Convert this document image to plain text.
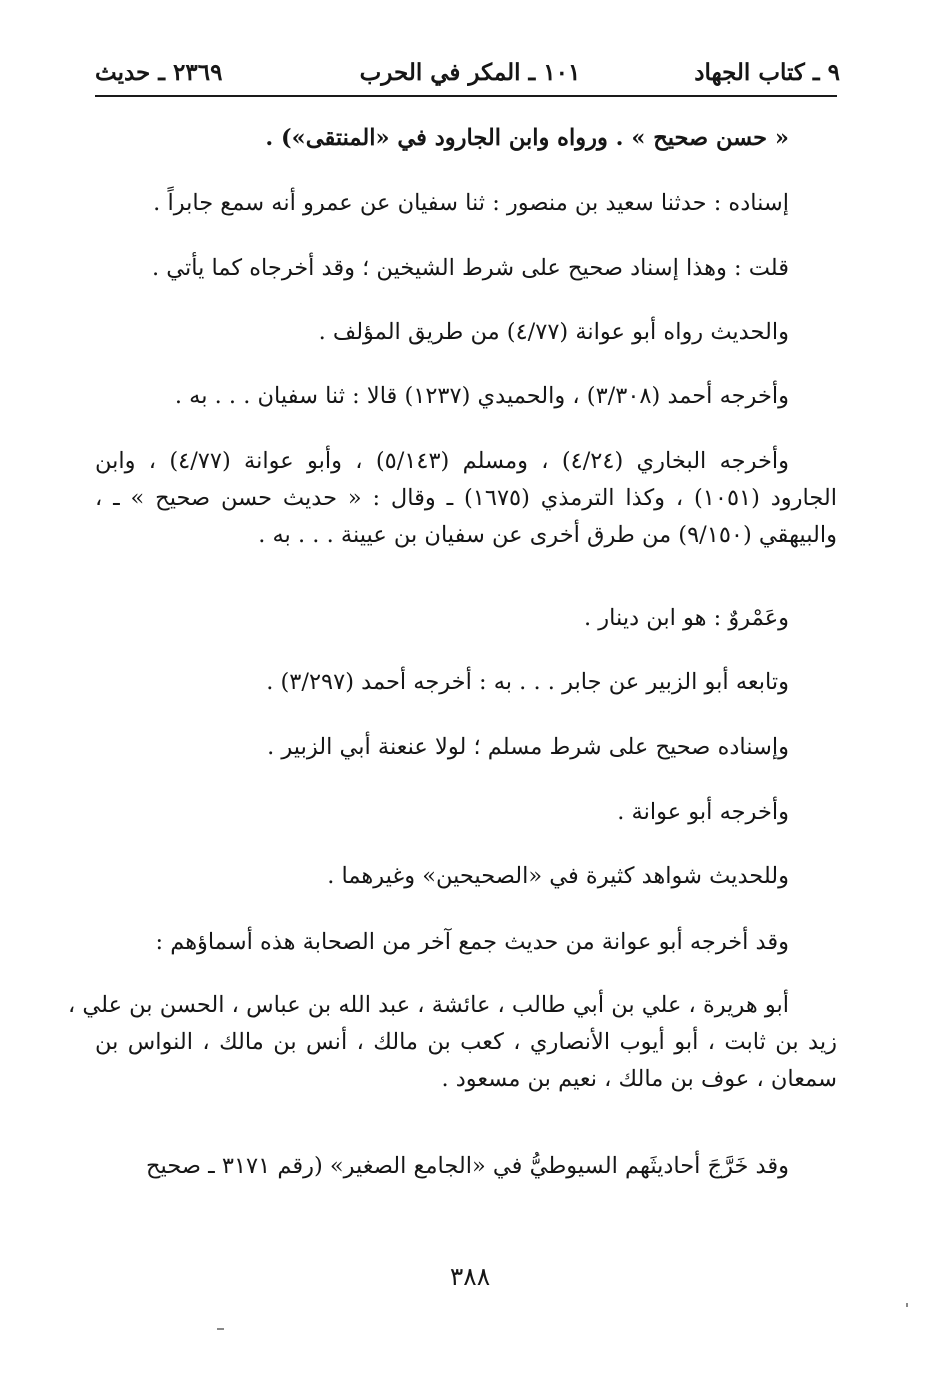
٩ ـ كتاب الجهاد
١٠١ ـ المكر في الحرب
٢٣٦٩ ـ حديث
« حسن صحيح » . ورواه وابن الجارود في «المنتقى») .
إسناده : حدثنا سعيد بن منصور : ثنا سفيان عن عمرو أنه سمع جابراً .
قلت : وهذا إسناد صحيح على شرط الشيخين ؛ وقد أخرجاه كما يأتي .
والحديث رواه أبو عوانة (٤/٧٧) من طريق المؤلف .
وأخرجه أحمد (٣/٣٠٨) ، والحميدي (١٢٣٧) قالا : ثنا سفيان . . . به .
وأخرجه البخاري (٤/٢٤) ، ومسلم (٥/١٤٣) ، وأبو عوانة (٤/٧٧) ، وابن
الجارود (١٠٥١) ، وكذا الترمذي (١٦٧٥) ـ وقال : « حديث حسن صحيح » ـ ،
والبيهقي (٩/١٥٠) من طرق أخرى عن سفيان بن عيينة . . . به .
وعَمْروٌ : هو ابن دينار .
وتابعه أبو الزبير عن جابر . . . به : أخرجه أحمد (٣/٢٩٧) .
وإسناده صحيح على شرط مسلم ؛ لولا عنعنة أبي الزبير .
وأخرجه أبو عوانة .
وللحديث شواهد كثيرة في «الصحيحين» وغيرهما .
وقد أخرجه أبو عوانة من حديث جمع آخر من الصحابة هذه أسماؤهم :
أبو هريرة ، علي بن أبي طالب ، عائشة ، عبد الله بن عباس ، الحسن بن علي ،
زيد بن ثابت ، أبو أيوب الأنصاري ، كعب بن مالك ، أنس بن مالك ، النواس بن
سمعان ، عوف بن مالك ، نعيم بن مسعود .
وقد خَرَّجَ أحاديثَهم السيوطيُّ في «الجامع الصغير» (رقم ٣١٧١ ـ صحيح
٣٨٨
